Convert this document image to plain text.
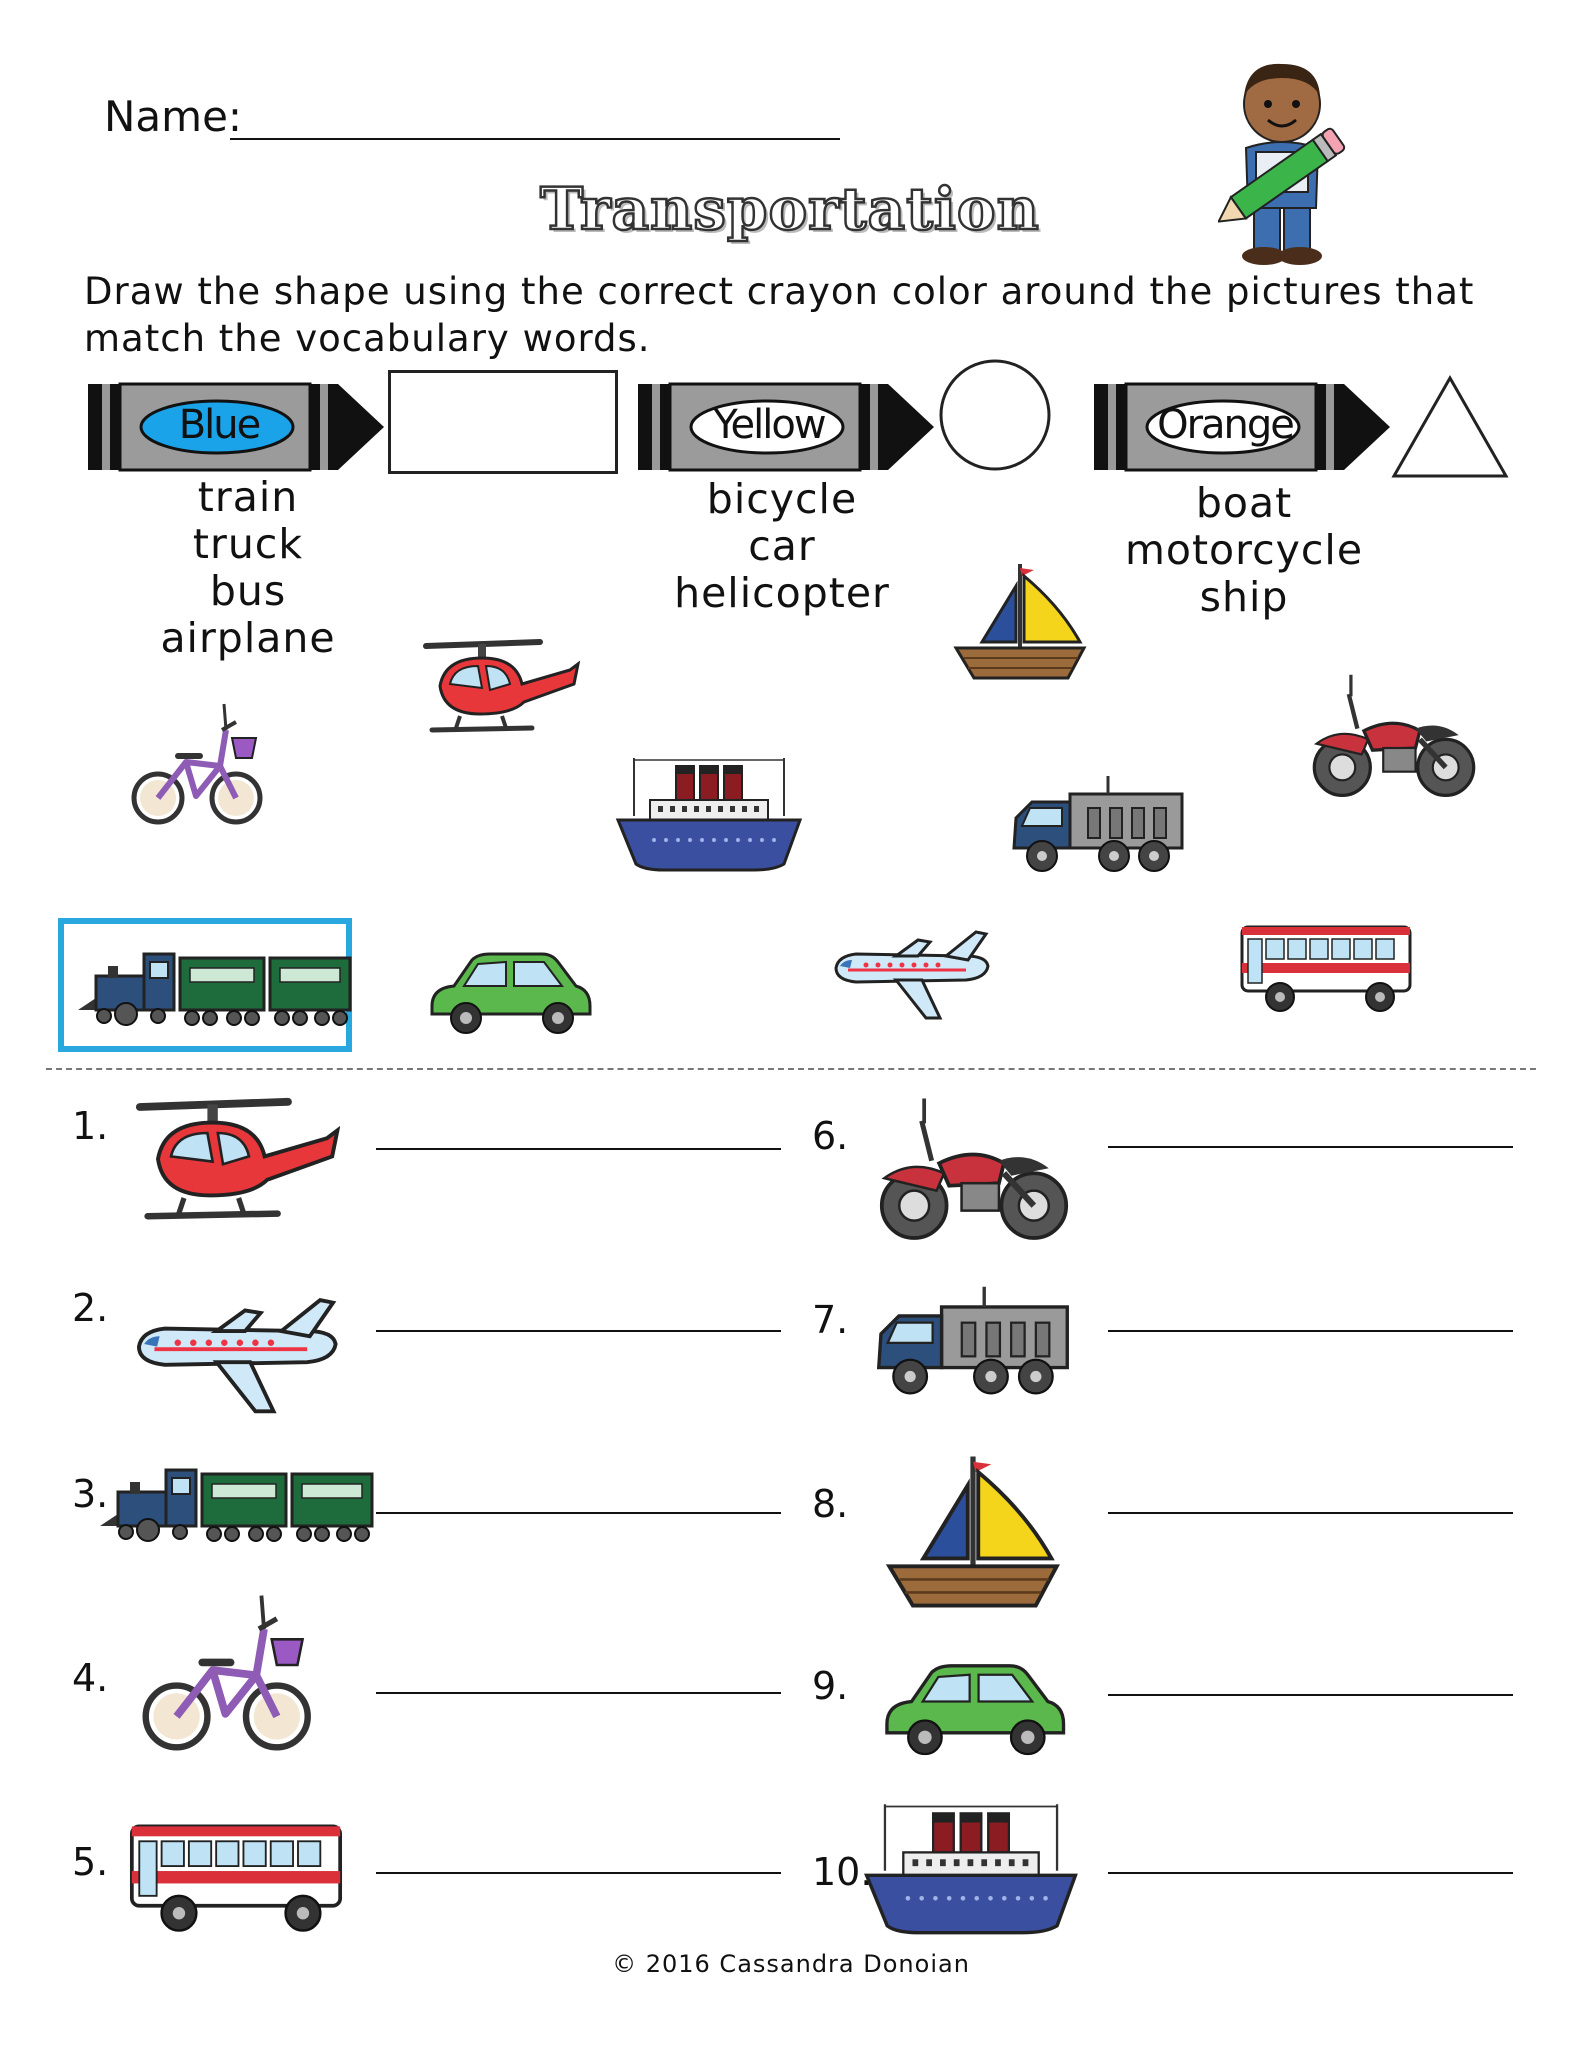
Name:
Transportation
Draw the shape using the correct crayon color around the pictures that match the vocabulary words.
Blue
train
truck
bus
airplane
Yellow
bicycle
car
helicopter
Orange
boat
motorcycle
ship
1.
2.
3.
4.
5.
6.
7.
8.
9.
10.
© 2016 Cassandra Donoian
